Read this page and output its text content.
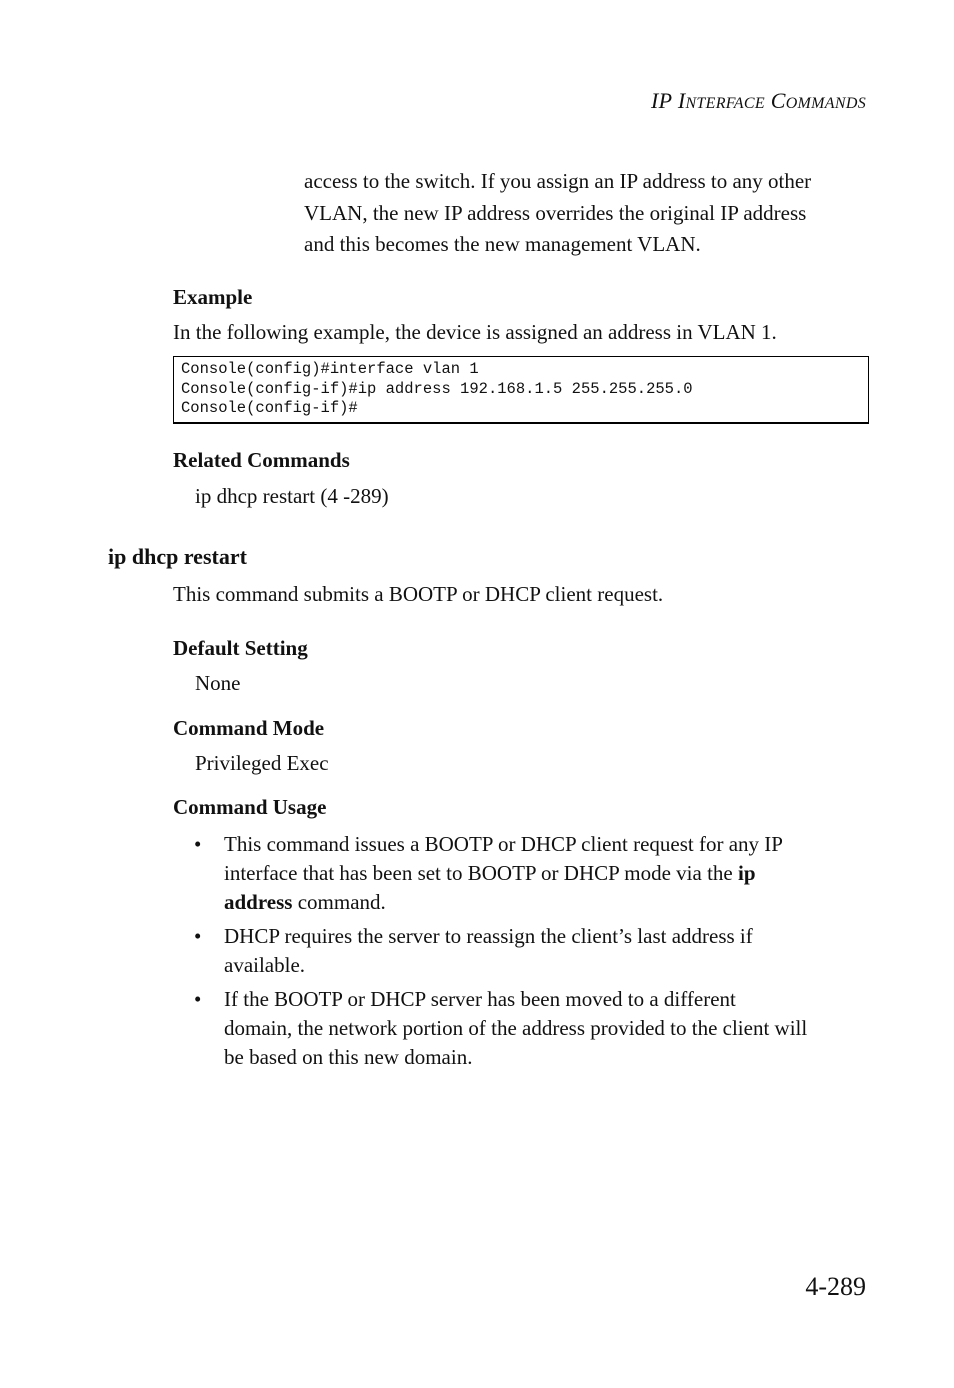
IP INTERFACE COMMANDS

access to the switch. If you assign an IP address to any other

VLAN, the new IP address overrides the original IP address

and this becomes the new management VLAN.

Example
In the following example, the device is assigned an address in VLAN 1.
Console(config)#interface vlan 1
Console(config-if)#ip address 192.168.1.5 255.255.255.0
Console(config-if)#
Related Commands
ip dhcp restart (4 -289)
ip dhcp restart
This command submits a BOOTP or DHCP client request.
Default Setting
None
Command Mode
Privileged Exec
Command Usage
• This command issues a BOOTP or DHCP client request for any IP
interface that has been set to BOOTP or DHCP mode via the ip
address command.
• DHCP requires the server to reassign the client’s last address if
available.
• If the BOOTP or DHCP server has been moved to a different
domain, the network portion of the address provided to the client will
be based on this new domain.
4-289
